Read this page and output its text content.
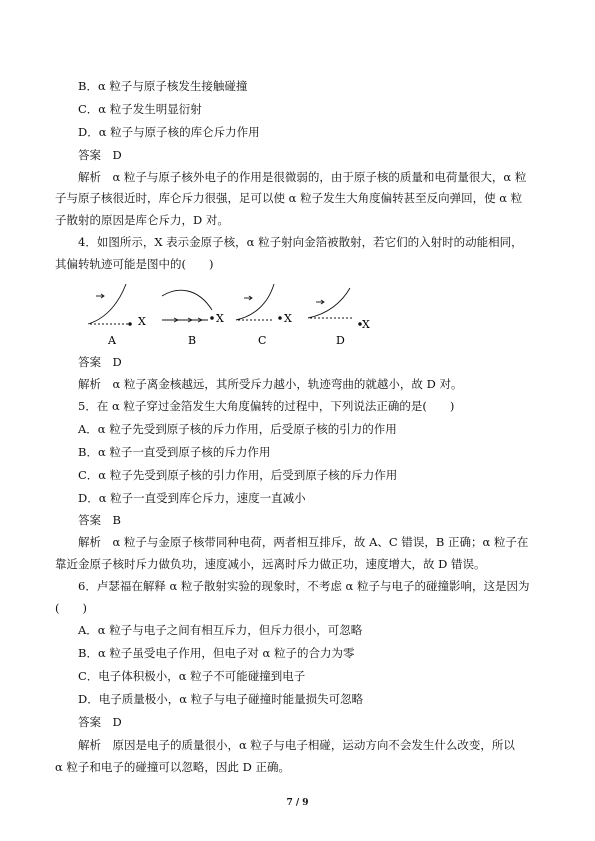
B．α 粒子与原子核发生接触碰撞
C．α 粒子发生明显衍射
D．α 粒子与原子核的库仑斥力作用
答案　D
解析　α 粒子与原子核外电子的作用是很微弱的，由于原子核的质量和电荷量很大，α 粒
子与原子核很近时，库仑斥力很强，足可以使 α 粒子发生大角度偏转甚至反向弹回，使 α 粒
子散射的原因是库仑斥力，D 对。
4．如图所示，X 表示金原子核，α 粒子射向金箔被散射，若它们的入射时的动能相同，
其偏转轨迹可能是图中的(　　)
X
A
X
B
X
C
X
D
答案　D
解析　α 粒子离金核越远，其所受斥力越小，轨迹弯曲的就越小，故 D 对。
5．在 α 粒子穿过金箔发生大角度偏转的过程中，下列说法正确的是(　　)
A．α 粒子先受到原子核的斥力作用，后受原子核的引力的作用
B．α 粒子一直受到原子核的斥力作用
C．α 粒子先受到原子核的引力作用，后受到原子核的斥力作用
D．α 粒子一直受到库仑斥力，速度一直减小
答案　B
解析　α 粒子与金原子核带同种电荷，两者相互排斥，故 A、C 错误，B 正确；α 粒子在
靠近金原子核时斥力做负功，速度减小，远离时斥力做正功，速度增大，故 D 错误。
6．卢瑟福在解释 α 粒子散射实验的现象时，不考虑 α 粒子与电子的碰撞影响，这是因为
(　　)
A．α 粒子与电子之间有相互斥力，但斥力很小，可忽略
B．α 粒子虽受电子作用，但电子对 α 粒子的合力为零
C．电子体积极小，α 粒子不可能碰撞到电子
D．电子质量极小，α 粒子与电子碰撞时能量损失可忽略
答案　D
解析　原因是电子的质量很小，α 粒子与电子相碰，运动方向不会发生什么改变，所以
α 粒子和电子的碰撞可以忽略，因此 D 正确。
7 / 9
